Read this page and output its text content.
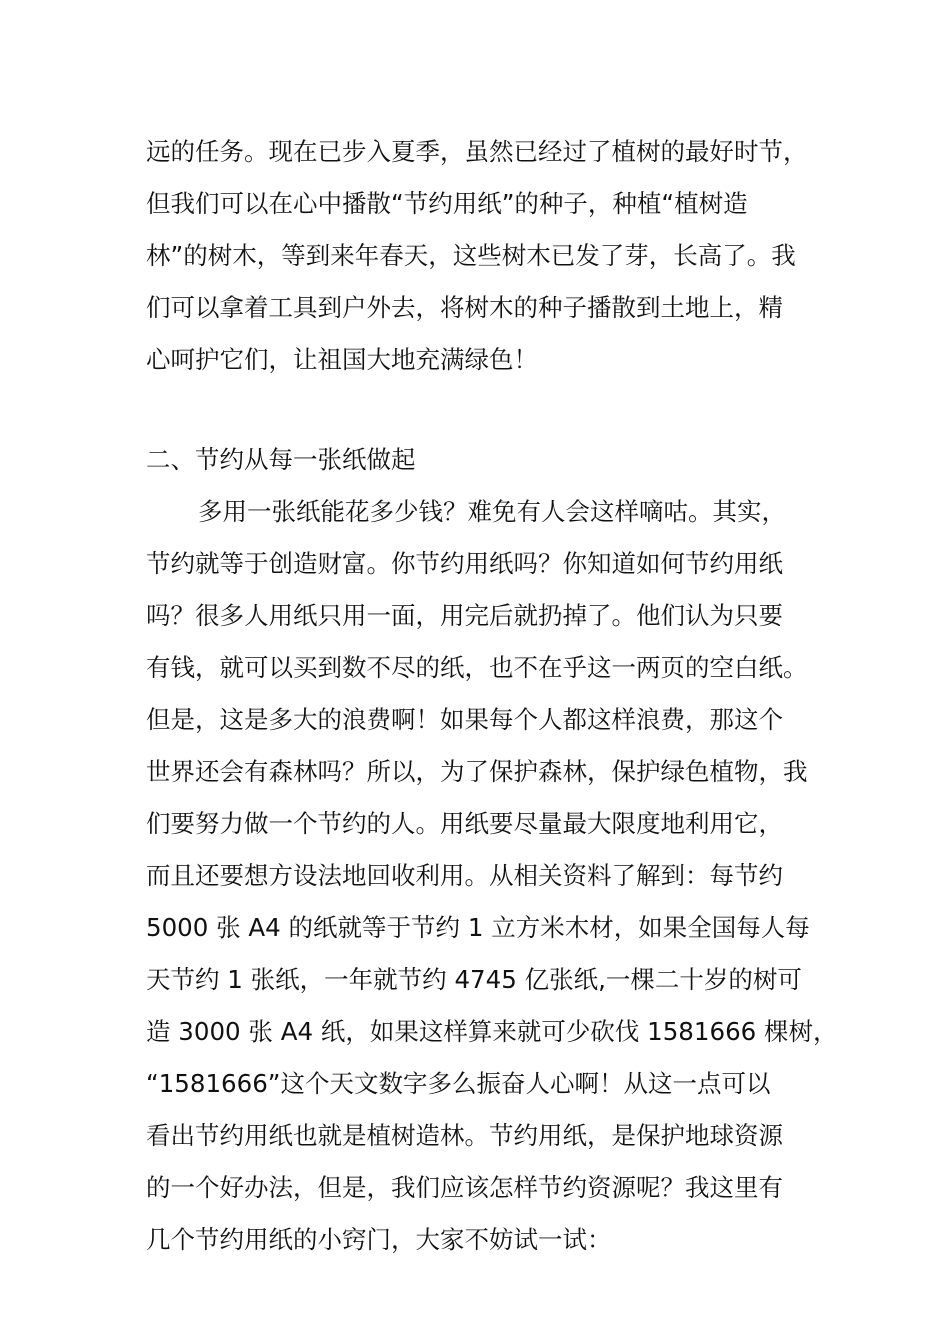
远的任务。现在已步入夏季，虽然已经过了植树的最好时节，
但我们可以在心中播散“节约用纸”的种子，种植“植树造
林”的树木，等到来年春天，这些树木已发了芽，长高了。我
们可以拿着工具到户外去，将树木的种子播散到土地上，精
心呵护它们，让祖国大地充满绿色！
二、节约从每一张纸做起
多用一张纸能花多少钱？难免有人会这样嘀咕。其实，
节约就等于创造财富。你节约用纸吗？你知道如何节约用纸
吗？很多人用纸只用一面，用完后就扔掉了。他们认为只要
有钱，就可以买到数不尽的纸，也不在乎这一两页的空白纸。
但是，这是多大的浪费啊！如果每个人都这样浪费，那这个
世界还会有森林吗？所以，为了保护森林，保护绿色植物，我
们要努力做一个节约的人。用纸要尽量最大限度地利用它，
而且还要想方设法地回收利用。从相关资料了解到：每节约
5000 张 A4 的纸就等于节约 1 立方米木材，如果全国每人每
天节约 1 张纸，一年就节约 4745 亿张纸,一棵二十岁的树可
造 3000 张 A4 纸，如果这样算来就可少砍伐 1581666 棵树，
“1581666”这个天文数字多么振奋人心啊！从这一点可以
看出节约用纸也就是植树造林。节约用纸，是保护地球资源
的一个好办法，但是，我们应该怎样节约资源呢？我这里有
几个节约用纸的小窍门，大家不妨试一试：
